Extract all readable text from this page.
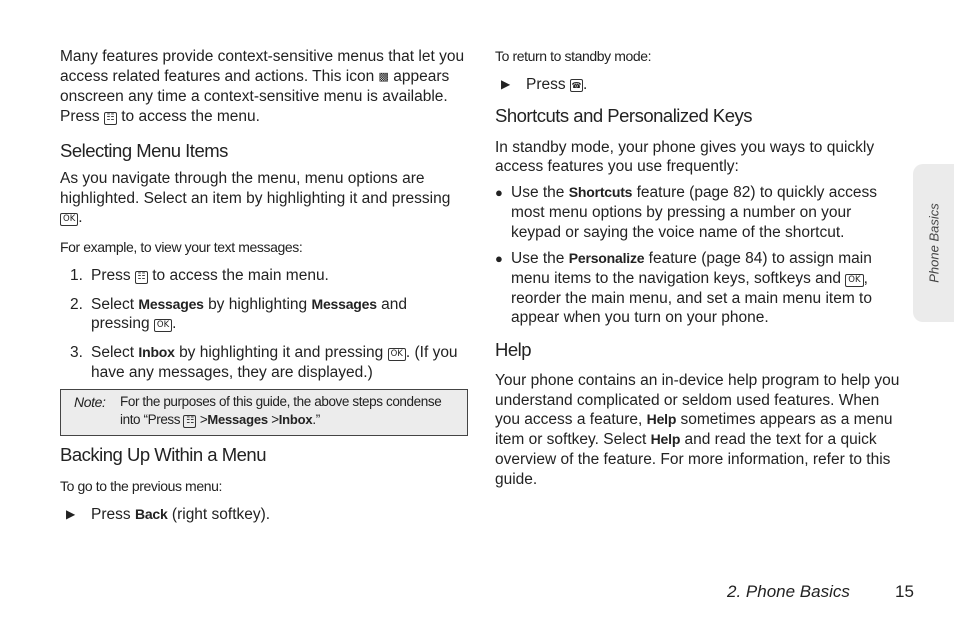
Many features provide context-sensitive menus that let you access related features and actions. This icon ▩ appears onscreen any time a context-sensitive menu is available. Press ☷ to access the menu.

Selecting Menu Items

As you navigate through the menu, menu options are highlighted. Select an item by highlighting it and pressing OK .

For example, to view your text messages:

1. Press ☷ to access the main menu.
2. Select Messages by highlighting Messages and pressing OK .
3. Select Inbox by highlighting it and pressing OK . (If you have any messages, they are displayed.)
Note:	For the purposes of this guide, the above steps condense into “Press ☷ >Messages >Inbox.”
Backing Up Within a Menu

To go to the previous menu:

▶ Press Back (right softkey).

To return to standby mode:

▶ Press ☎.
Shortcuts and Personalized Keys

In standby mode, your phone gives you ways to quickly access features you use frequently:

● Use the Shortcuts feature (page 82) to quickly access most menu options by pressing a number on your keypad or saying the voice name of the shortcut.
● Use the Personalize feature (page 84) to assign main menu items to the navigation keys, softkeys and OK , reorder the main menu, and set a main menu item to appear when you turn on your phone.
Help

Your phone contains an in-device help program to help you understand complicated or seldom used features. When you access a feature, Help sometimes appears as a menu item or softkey. Select Help and read the text for a quick overview of the feature. For more information, refer to this guide.

Phone Basics
2. Phone Basics	15
